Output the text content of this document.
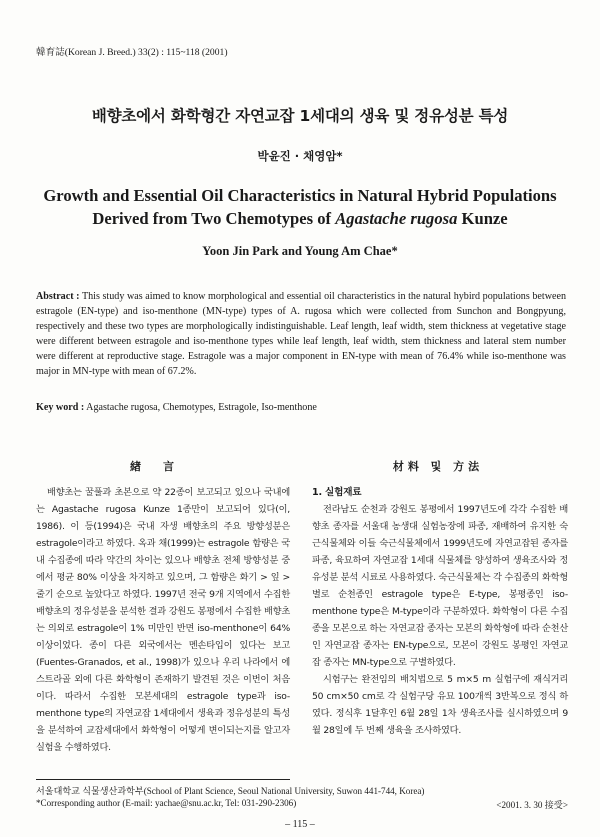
韓育誌(Korean J. Breed.) 33(2) : 115~118 (2001)
배향초에서 화학형간 자연교잡 1세대의 생육 및 정유성분 특성
박윤진 · 채영암*
Growth and Essential Oil Characteristics in Natural Hybrid Populations
Derived from Two Chemotypes of Agastache rugosa Kunze
Yoon Jin Park and Young Am Chae*
Abstract : This study was aimed to know morphological and essential oil characteristics in the natural hybird populations between estragole (EN-type) and iso-menthone (MN-type) types of A. rugosa which were collected from Sunchon and Bongpyung, respectively and these two types are morphologically indistinguishable. Leaf length, leaf width, stem thickness at vegetative stage were different between estragole and iso-menthone types while leaf length, leaf width, stem thickness and lateral stem number were different at reproductive stage. Estragole was a major component in EN-type with mean of 76.4% while iso-menthone was major in MN-type with mean of 67.2%.
Key word : Agastache rugosa, Chemotypes, Estragole, Iso-menthone
緖言	材料 및 方法

배향초는 꿀풀과 초본으로 약 22종이 보고되고 있으나 국내에는 Agastache rugosa Kunze 1종만이 보고되어 있다(이, 1986). 이 등(1994)은 국내 자생 배향초의 주요 방향성분은 estragole이라고 하였다. 옥과 채(1999)는 estragole 함량은 국내 수집종에 따라 약간의 차이는 있으나 배향초 전체 방향성분 중에서 평균 80% 이상을 차지하고 있으며, 그 함량은 화기 > 잎 > 줄기 순으로 높았다고 하였다. 1997년 전국 9개 지역에서 수집한 배향초의 정유성분을 분석한 결과 강원도 봉평에서 수집한 배향초는 의외로 estragole이 1% 미만인 반면 iso-menthone이 64% 이상이었다. 종이 다른 외국에서는 멘손타입이 있다는 보고(Fuentes-Granados, et al., 1998)가 있으나 우리 나라에서 에스트라골 외에 다른 화학형이 존재하기 발견된 것은 이번이 처음이다. 따라서 수집한 모본세대의 estragole type과 iso-menthone type의 자연교잡 1세대에서 생육과 정유성분의 특성을 분석하여 교잡세대에서 화학형이 어떻게 변이되는지를 알고자 실험을 수행하였다.

1. 실험재료

전라남도 순천과 강원도 봉평에서 1997년도에 각각 수집한 배향초 종자를 서울대 농생대 실험농장에 파종, 재배하여 유지한 숙근식물체와 이들 숙근식물체에서 1999년도에 자연교잡된 종자를 파종, 육묘하여 자연교잡 1세대 식물체를 양성하여 생육조사와 정유성분 분석 시료로 사용하였다. 숙근식물체는 각 수집종의 화학형별로 순천종인 estragole type은 E-type, 봉평종인 iso-menthone type은 M-type이라 구분하였다. 화학형이 다른 수집종을 모본으로 하는 자연교잡 종자는 모본의 화학형에 따라 순천산인 자연교잡 종자는 EN-type으로, 모본이 강원도 봉평인 자연교잡 종자는 MN-type으로 구별하였다.

시험구는 완전임의 배치법으로 5 m×5 m 실험구에 재식거리 50 cm×50 cm로 각 실험구당 유묘 100개씩 3반복으로 정식 하였다. 정식후 1달후인 6월 28일 1차 생육조사를 실시하였으며 9월 28일에 두 번째 생육을 조사하였다.

서울대학교 식물생산과학부(School of Plant Science, Seoul National University, Suwon 441-744, Korea)
*Corresponding author (E-mail: yachae@snu.ac.kr, Tel: 031-290-2306)	<2001. 3. 30 接受>
– 115 –
